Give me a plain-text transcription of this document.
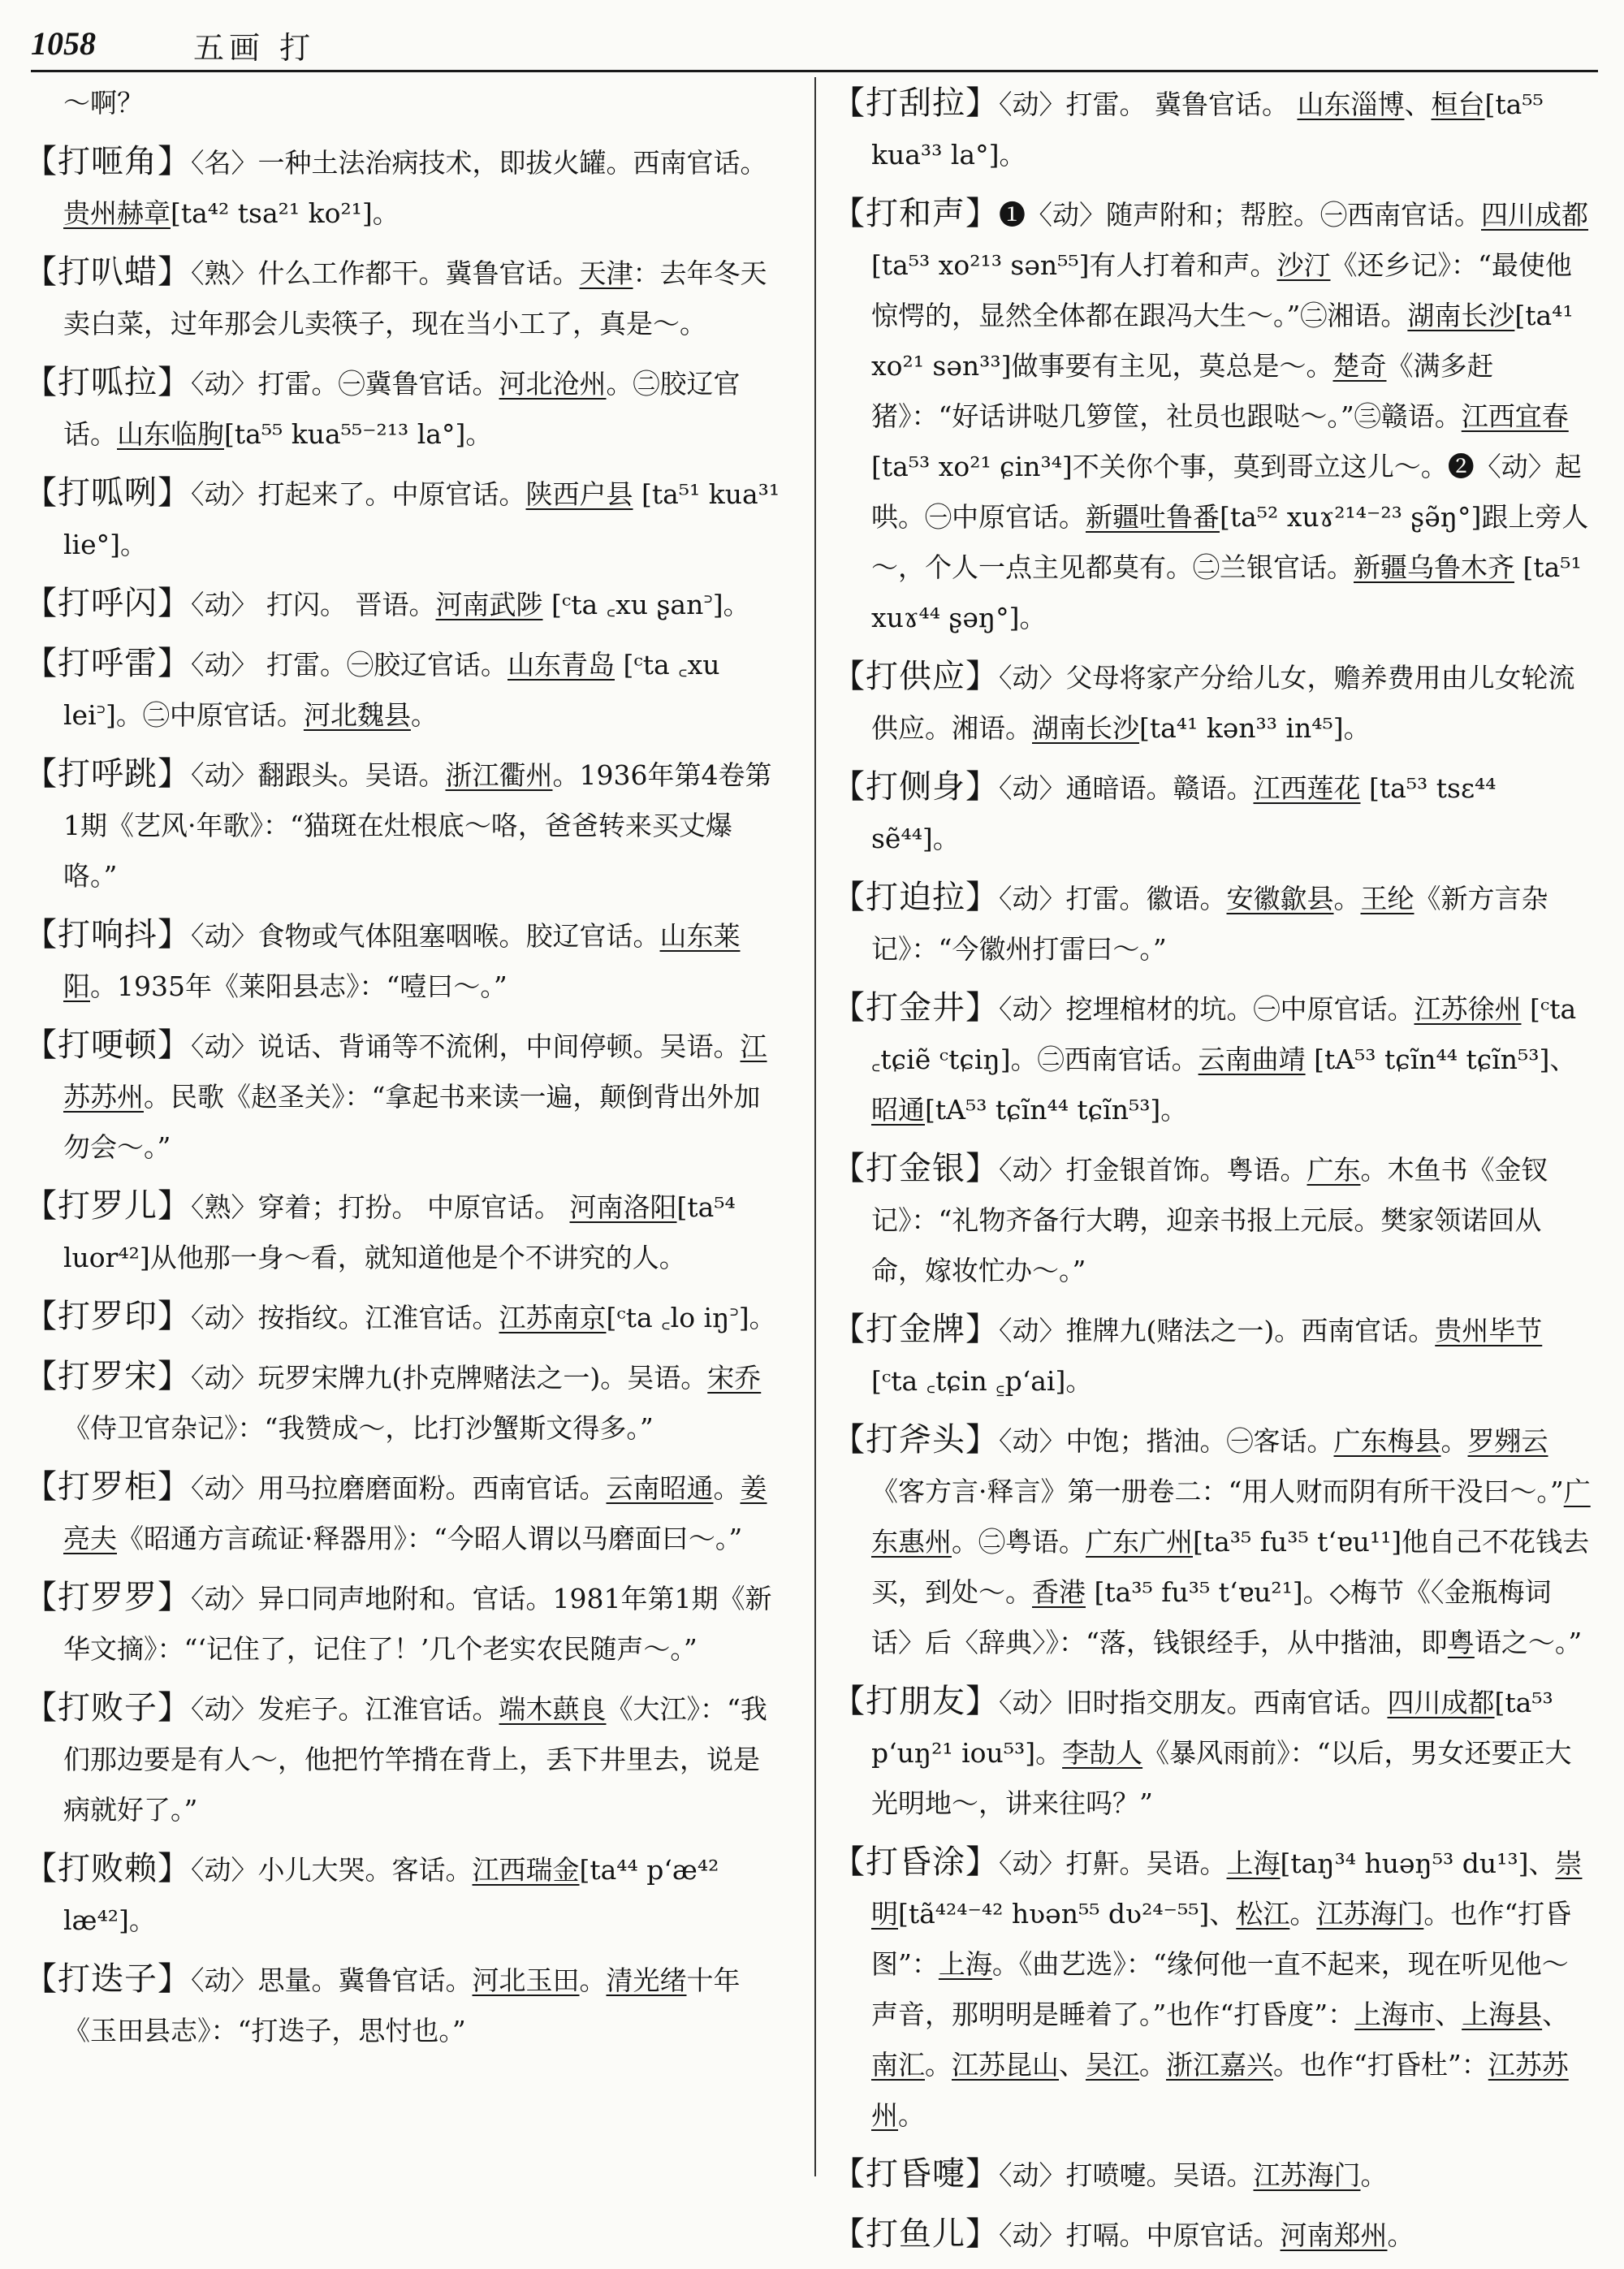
1058	五画 打
～啊？
【打咂角】〈名〉一种土法治病技术，即拔火罐。西南官话。贵州赫章[ta⁴² tsa²¹ ko²¹]。
【打叭蜡】〈熟〉什么工作都干。冀鲁官话。天津：去年冬天卖白菜，过年那会儿卖筷子，现在当小工了，真是～。
【打呱拉】〈动〉打雷。㊀冀鲁官话。河北沧州。㊁胶辽官话。山东临朐[ta⁵⁵ kua⁵⁵⁻²¹³ la°]。
【打呱咧】〈动〉打起来了。中原官话。陕西户县 [ta⁵¹ kua³¹ lie°]。
【打呼闪】〈动〉 打闪。 晋语。河南武陟 [ᶜta ꜀xu ʂan꜄]。
【打呼雷】〈动〉 打雷。㊀胶辽官话。山东青岛 [ᶜta ꜀xu lei꜄]。㊁中原官话。河北魏县。
【打呼跳】〈动〉翻跟头。吴语。浙江衢州。1936年第4卷第1期《艺风·年歌》：“猫斑在灶根底～咯，爸爸转来买丈爆咯。”
【打响抖】〈动〉食物或气体阻塞咽喉。胶辽官话。山东莱阳。1935年《莱阳县志》：“噎曰～。”
【打哽顿】〈动〉说话、背诵等不流俐，中间停顿。吴语。江苏苏州。民歌《赵圣关》：“拿起书来读一遍，颠倒背出外加勿会～。”
【打罗儿】〈熟〉穿着；打扮。 中原官话。 河南洛阳[ta⁵⁴ luor⁴²]从他那一身～看，就知道他是个不讲究的人。
【打罗印】〈动〉按指纹。江淮官话。江苏南京[ᶜta ꜀lo iŋ꜄]。
【打罗宋】〈动〉玩罗宋牌九(扑克牌赌法之一)。吴语。宋乔《侍卫官杂记》：“我赞成～，比打沙蟹斯文得多。”
【打罗柜】〈动〉用马拉磨磨面粉。西南官话。云南昭通。姜亮夫《昭通方言疏证·释器用》：“今昭人谓以马磨面曰～。”
【打罗罗】〈动〉异口同声地附和。官话。1981年第1期《新华文摘》：“‘记住了，记住了！’几个老实农民随声～。”
【打败子】〈动〉发疟子。江淮官话。端木蕻良《大江》：“我们那边要是有人～，他把竹竿揹在背上，丢下井里去，说是病就好了。”
【打败赖】〈动〉小儿大哭。客话。江西瑞金[ta⁴⁴ pʻæ⁴² læ⁴²]。
【打迭子】〈动〉思量。冀鲁官话。河北玉田。清光绪十年《玉田县志》：“打迭子，思忖也。”
【打刮拉】〈动〉打雷。 冀鲁官话。 山东淄博、桓台[ta⁵⁵ kua³³ la°]。
【打和声】❶〈动〉随声附和；帮腔。㊀西南官话。四川成都[ta⁵³ xo²¹³ sən⁵⁵]有人打着和声。沙汀《还乡记》：“最使他惊愕的，显然全体都在跟冯大生～。”㊁湘语。湖南长沙[ta⁴¹ xo²¹ sən³³]做事要有主见，莫总是～。楚奇《满多赶猪》：“好话讲哒几箩筐，社员也跟哒～。”㊂赣语。江西宜春[ta⁵³ xo²¹ ɕin³⁴]不关你个事，莫到哥立这儿～。❷〈动〉起哄。㊀中原官话。新疆吐鲁番[ta⁵² xuɤ²¹⁴⁻²³ ʂə̃ŋ°]跟上旁人～，个人一点主见都莫有。㊁兰银官话。新疆乌鲁木齐 [ta⁵¹ xuɤ⁴⁴ ʂəŋ°]。
【打供应】〈动〉父母将家产分给儿女，赡养费用由儿女轮流供应。湘语。湖南长沙[ta⁴¹ kən³³ in⁴⁵]。
【打侧身】〈动〉通暗语。赣语。江西莲花 [ta⁵³ tsɛ⁴⁴ sẽ⁴⁴]。
【打迫拉】〈动〉打雷。徽语。安徽歙县。王纶《新方言杂记》：“今徽州打雷曰～。”
【打金井】〈动〉挖埋棺材的坑。㊀中原官话。江苏徐州 [ᶜta ꜀tɕiẽ ᶜtɕiŋ]。㊁西南官话。云南曲靖 [tA⁵³ tɕĩn⁴⁴ tɕĩn⁵³]、昭通[tA⁵³ tɕĩn⁴⁴ tɕĩn⁵³]。
【打金银】〈动〉打金银首饰。粤语。广东。木鱼书《金钗记》：“礼物齐备行大聘，迎亲书报上元辰。樊家领诺回从命，嫁妆忙办～。”
【打金牌】〈动〉推牌九(赌法之一)。西南官话。贵州毕节 [ᶜta ꜀tɕin ꜁pʻai]。
【打斧头】〈动〉中饱；揩油。㊀客话。广东梅县。罗翙云《客方言·释言》第一册卷二：“用人财而阴有所干没曰～。”广东惠州。㊁粤语。广东广州[ta³⁵ fu³⁵ tʻɐu¹¹]他自己不花钱去买，到处～。香港 [ta³⁵ fu³⁵ tʻɐu²¹]。◇梅节《〈金瓶梅词话〉后〈辞典〉》：“落，钱银经手，从中揩油，即粤语之～。”
【打朋友】〈动〉旧时指交朋友。西南官话。四川成都[ta⁵³ pʻuŋ²¹ iou⁵³]。李劼人《暴风雨前》：“以后，男女还要正大光明地～，讲来往吗？”
【打昏涂】〈动〉打鼾。吴语。上海[taŋ³⁴ huəŋ⁵³ du¹³]、崇明[tã⁴²⁴⁻⁴² hʋən⁵⁵ dʋ²⁴⁻⁵⁵]、松江。江苏海门。也作“打昏图”：上海。《曲艺选》：“缘何他一直不起来，现在听见他～声音，那明明是睡着了。”也作“打昏度”：上海市、上海县、南汇。江苏昆山、吴江。浙江嘉兴。也作“打昏杜”：江苏苏州。
【打昏嚏】〈动〉打喷嚏。吴语。江苏海门。
【打鱼儿】〈动〉打嗝。中原官话。河南郑州。
